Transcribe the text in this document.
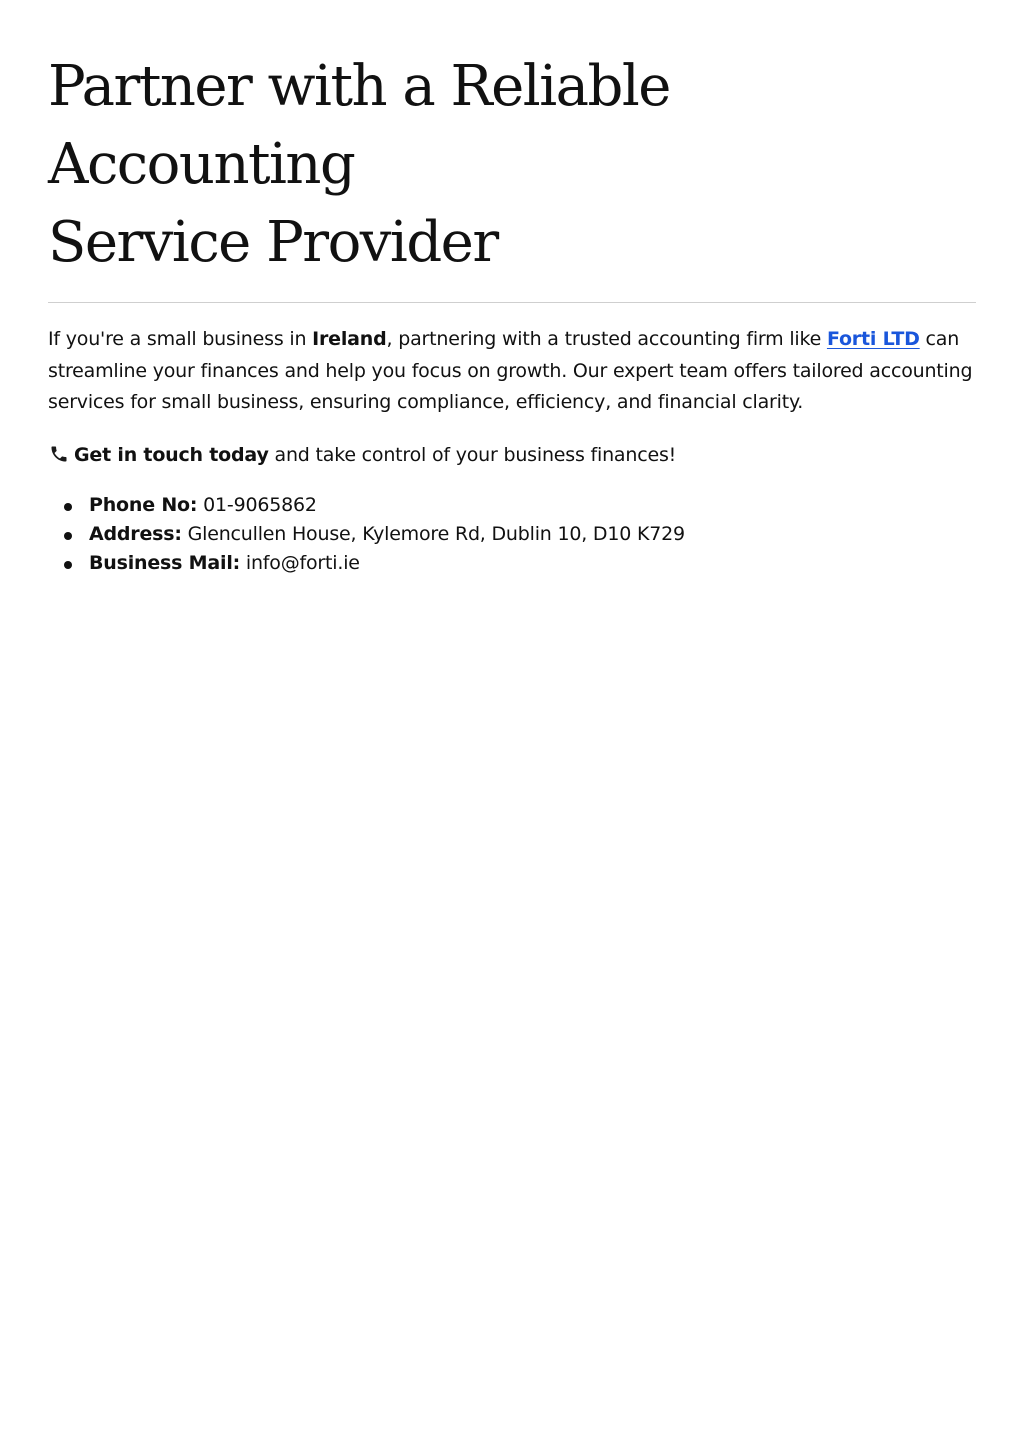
Partner with a Reliable Accounting
Service Provider

If you're a small business in Ireland, partnering with a trusted accounting firm like Forti LTD can streamline your finances and help you focus on growth. Our expert team offers tailored accounting services for small business, ensuring compliance, efficiency, and financial clarity.

Get in touch today and take control of your business finances!

Phone No: 01-9065862
Address: Glencullen House, Kylemore Rd, Dublin 10, D10 K729
Business Mail: info@forti.ie
